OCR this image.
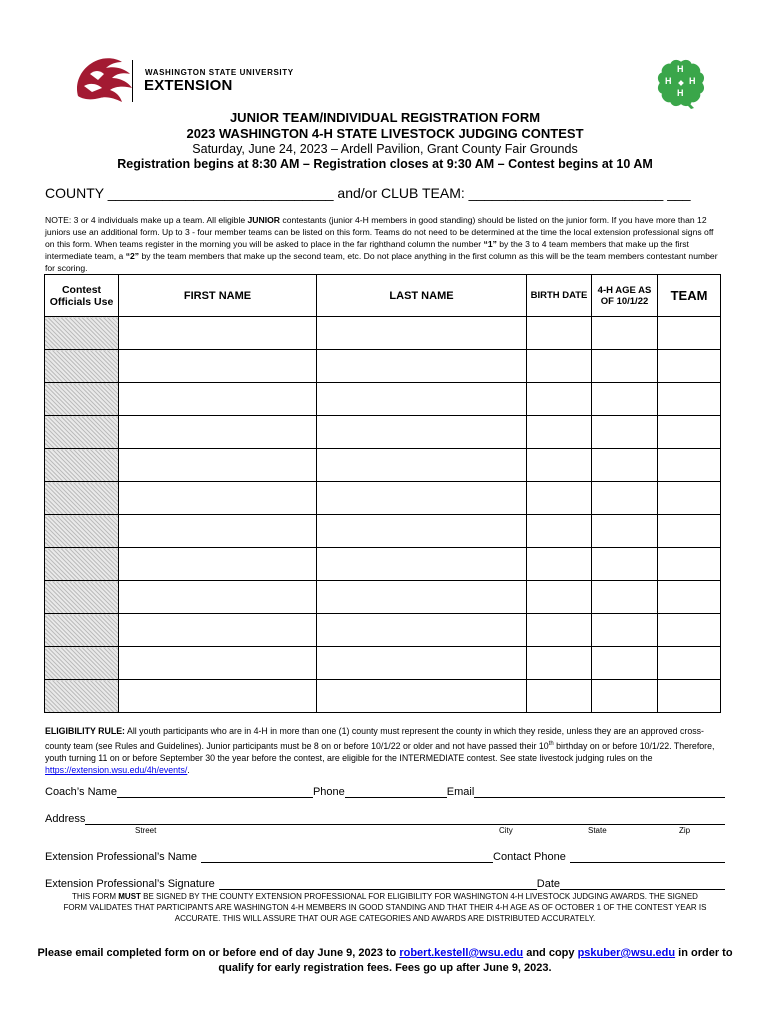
WASHINGTON STATE UNIVERSITY
EXTENSION
H
H
H
H
JUNIOR TEAM/INDIVIDUAL REGISTRATION FORM
2023 WASHINGTON 4-H STATE LIVESTOCK JUDGING CONTEST
Saturday, June 24, 2023 – Ardell Pavilion, Grant County Fair Grounds
Registration begins at 8:30 AM – Registration closes at 9:30 AM – Contest begins at 10 AM
COUNTY _____________________________ and/or CLUB TEAM: _________________________ ___
NOTE: 3 or 4 individuals make up a team. All eligible JUNIOR contestants (junior 4-H members in good standing) should be listed on the junior form. If you have more than 12 juniors use an additional form. Up to 3 - four member teams can be listed on this form. Teams do not need to be determined at the time the local extension professional signs off on this form. When teams register in the morning you will be asked to place in the far righthand column the number “1” by the 3 to 4 team members that make up the first intermediate team, a “2” by the team members that make up the second team, etc. Do not place anything in the first column as this will be the team members contestant number for scoring.
Contest Officials Use	FIRST NAME	LAST NAME	BIRTH DATE	4-H AGE AS OF 10/1/22	TEAM

ELIGIBILITY RULE: All youth participants who are in 4-H in more than one (1) county must represent the county in which they reside, unless they are an approved cross-county team (see Rules and Guidelines). Junior participants must be 8 on or before 10/1/22 or older and not have passed their 10th birthday on or before 10/1/22. Therefore, youth turning 11 on or before September 30 the year before the contest, are eligible for the INTERMEDIATE contest. See state livestock judging rules on the https://extension.wsu.edu/4h/events/.
Coach’s Name	Phone	Email
Address
Street	City	State	Zip
Extension Professional’s Name	Contact Phone
Extension Professional’s Signature	Date
THIS FORM MUST BE SIGNED BY THE COUNTY EXTENSION PROFESSIONAL FOR ELIGIBILITY FOR WASHINGTON 4-H LIVESTOCK JUDGING AWARDS. THE SIGNED FORM VALIDATES THAT PARTICIPANTS ARE WASHINGTON 4-H MEMBERS IN GOOD STANDING AND THAT THEIR 4-H AGE AS OF OCTOBER 1 OF THE CONTEST YEAR IS ACCURATE. THIS WILL ASSURE THAT OUR AGE CATEGORIES AND AWARDS ARE DISTRIBUTED ACCURATELY.
Please email completed form on or before end of day June 9, 2023 to robert.kestell@wsu.edu and copy pskuber@wsu.edu in order to qualify for early registration fees. Fees go up after June 9, 2023.
